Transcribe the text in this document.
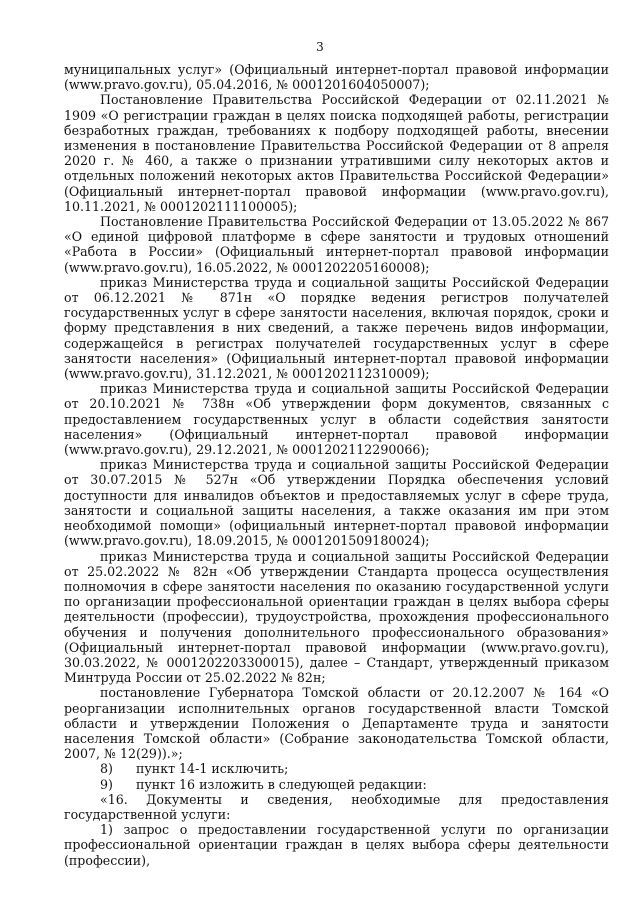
3

муниципальных услуг» (Официальный интернет-портал правовой информации (www.pravo.gov.ru), 05.04.2016, № 0001201604050007);

Постановление Правительства Российской Федерации от 02.11.2021 № 1909 «О регистрации граждан в целях поиска подходящей работы, регистрации безработных граждан, требованиях к подбору подходящей работы, внесении изменения в постановление Правительства Российской Федерации от 8 апреля 2020 г. № 460, а также о признании утратившими силу некоторых актов и отдельных положений некоторых актов Правительства Российской Федерации» (Официальный интернет-портал правовой информации (www.pravo.gov.ru), 10.11.2021, № 0001202111100005);

Постановление Правительства Российской Федерации от 13.05.2022 № 867 «О единой цифровой платформе в сфере занятости и трудовых отношений «Работа в России» (Официальный интернет-портал правовой информации (www.pravo.gov.ru), 16.05.2022, № 0001202205160008);

приказ Министерства труда и социальной защиты Российской Федерации от 06.12.2021 № 871н «О порядке ведения регистров получателей государственных услуг в сфере занятости населения, включая порядок, сроки и форму представления в них сведений, а также перечень видов информации, содержащейся в регистрах получателей государственных услуг в сфере занятости населения» (Официальный интернет-портал правовой информации (www.pravo.gov.ru), 31.12.2021, № 0001202112310009);

приказ Министерства труда и социальной защиты Российской Федерации от 20.10.2021 № 738н «Об утверждении форм документов, связанных с предоставлением государственных услуг в области содействия занятости населения» (Официальный интернет-портал правовой информации (www.pravo.gov.ru), 29.12.2021, № 0001202112290066);

приказ Министерства труда и социальной защиты Российской Федерации от 30.07.2015 № 527н «Об утверждении Порядка обеспечения условий доступности для инвалидов объектов и предоставляемых услуг в сфере труда, занятости и социальной защиты населения, а также оказания им при этом необходимой помощи» (официальный интернет-портал правовой информации (www.pravo.gov.ru), 18.09.2015, № 0001201509180024);

приказ Министерства труда и социальной защиты Российской Федерации от 25.02.2022 № 82н «Об утверждении Стандарта процесса осуществления полномочия в сфере занятости населения по оказанию государственной услуги по организации профессиональной ориентации граждан в целях выбора сферы деятельности (профессии), трудоустройства, прохождения профессионального обучения и получения дополнительного профессионального образования» (Официальный интернет-портал правовой информации (www.pravo.gov.ru), 30.03.2022, № 0001202203300015), далее – Стандарт, утвержденный приказом Минтруда России от 25.02.2022 № 82н;

постановление Губернатора Томской области от 20.12.2007 № 164 «О реорганизации исполнительных органов государственной власти Томской области и утверждении Положения о Департаменте труда и занятости населения Томской области» (Собрание законодательства Томской области, 2007, № 12(29)).»;

8) пункт 14-1 исключить;

9) пункт 16 изложить в следующей редакции:

«16. Документы и сведения, необходимые для предоставления государственной услуги:

1) запрос о предоставлении государственной услуги по организации профессиональной ориентации граждан в целях выбора сферы деятельности (профессии),
